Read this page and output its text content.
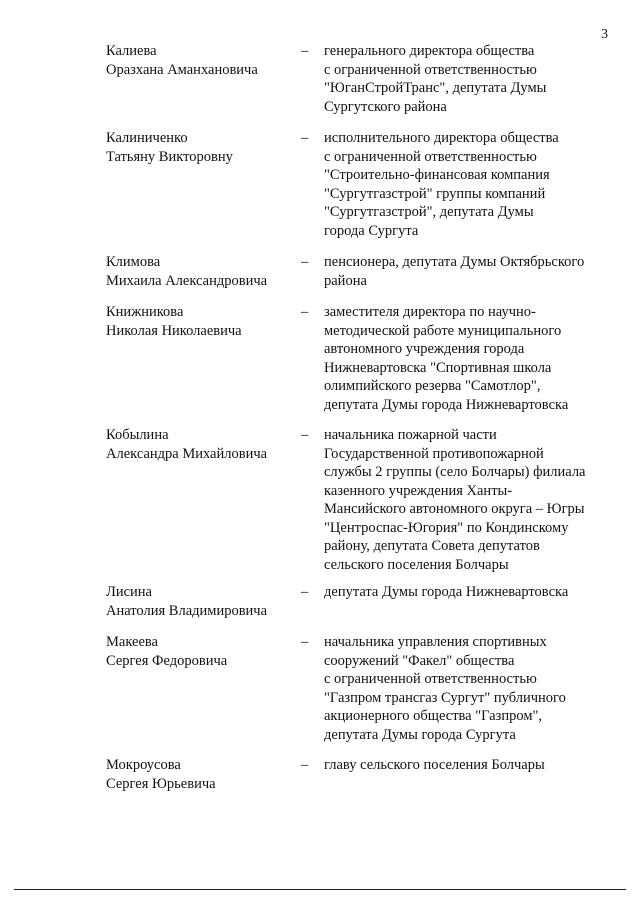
3
Калиева
Оразхана Аманхановича
–	генерального директора общества
с ограниченной ответственностью
"ЮганСтройТранс", депутата Думы
Сургутского района
Калиниченко
Татьяну Викторовну
–	исполнительного директора общества
с ограниченной ответственностью
"Строительно-финансовая компания
"Сургутгазстрой" группы компаний
"Сургутгазстрой", депутата Думы
города Сургута
Климова
Михаила Александровича
–	пенсионера, депутата Думы Октябрьского
района
Книжникова
Николая Николаевича
–	заместителя директора по научно-
методической работе муниципального
автономного учреждения города
Нижневартовска "Спортивная школа
олимпийского резерва "Самотлор",
депутата Думы города Нижневартовска
Кобылина
Александра Михайловича
–	начальника пожарной части
Государственной противопожарной
службы 2 группы (село Болчары) филиала
казенного учреждения Ханты-
Мансийского автономного округа – Югры
"Центроспас-Югория" по Кондинскому
району, депутата Совета депутатов
сельского поселения Болчары
Лисина
Анатолия Владимировича
–	депутата Думы города Нижневартовска
Макеева
Сергея Федоровича
–	начальника управления спортивных
сооружений "Факел" общества
с ограниченной ответственностью
"Газпром трансгаз Сургут" публичного
акционерного общества "Газпром",
депутата Думы города Сургута
Мокроусова
Сергея Юрьевича
–	главу сельского поселения Болчары
